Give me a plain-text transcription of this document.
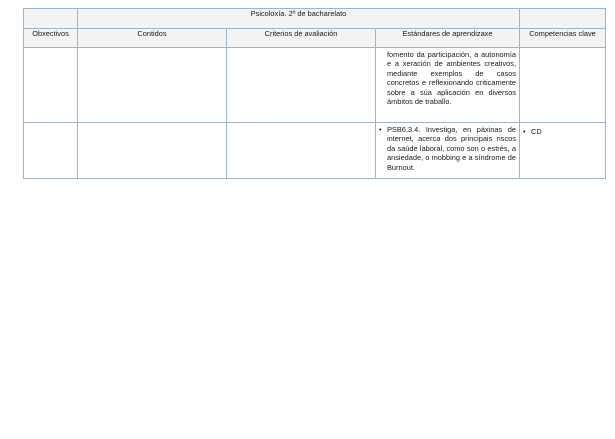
	Psicoloxía. 2º de bacharelato			
Obxectivos	Contidos	Criterios de avaliación	Estándares de aprendizaxe	Competencias clave

			fomento da participación, a autonomía e a xeración de ambientes creativos, mediante exemplos de casos concretos e reflexionando criticamente sobre a súa aplicación en diversos ámbitos de traballo.	

			• PSB6.3.4. Investiga, en páxinas de internet, acerca dos principais riscos da saúde laboral, como son o estrés, a ansiedade, o mobbing e a síndrome de Burnout.	• CD
